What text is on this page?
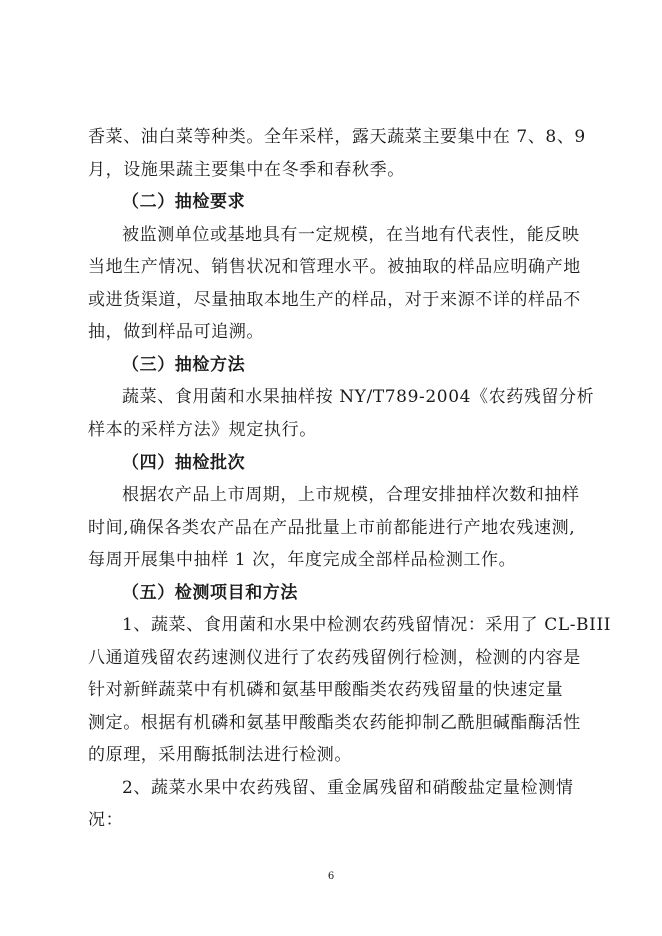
香菜、油白菜等种类。全年采样，露天蔬菜主要集中在 7、8、9
月，设施果蔬主要集中在冬季和春秋季。
（二）抽检要求
被监测单位或基地具有一定规模，在当地有代表性，能反映
当地生产情况、销售状况和管理水平。被抽取的样品应明确产地
或进货渠道，尽量抽取本地生产的样品，对于来源不详的样品不
抽，做到样品可追溯。
（三）抽检方法
蔬菜、食用菌和水果抽样按 NY/T789-2004《农药残留分析
样本的采样方法》规定执行。
（四）抽检批次
根据农产品上市周期，上市规模，合理安排抽样次数和抽样
时间,确保各类农产品在产品批量上市前都能进行产地农残速测,
每周开展集中抽样 1 次，年度完成全部样品检测工作。
（五）检测项目和方法
1、蔬菜、食用菌和水果中检测农药残留情况：采用了 CL-BIII
八通道残留农药速测仪进行了农药残留例行检测，检测的内容是
针对新鲜蔬菜中有机磷和氨基甲酸酯类农药残留量的快速定量
测定。根据有机磷和氨基甲酸酯类农药能抑制乙酰胆碱酯酶活性
的原理，采用酶抵制法进行检测。
2、蔬菜水果中农药残留、重金属残留和硝酸盐定量检测情
况：
6
